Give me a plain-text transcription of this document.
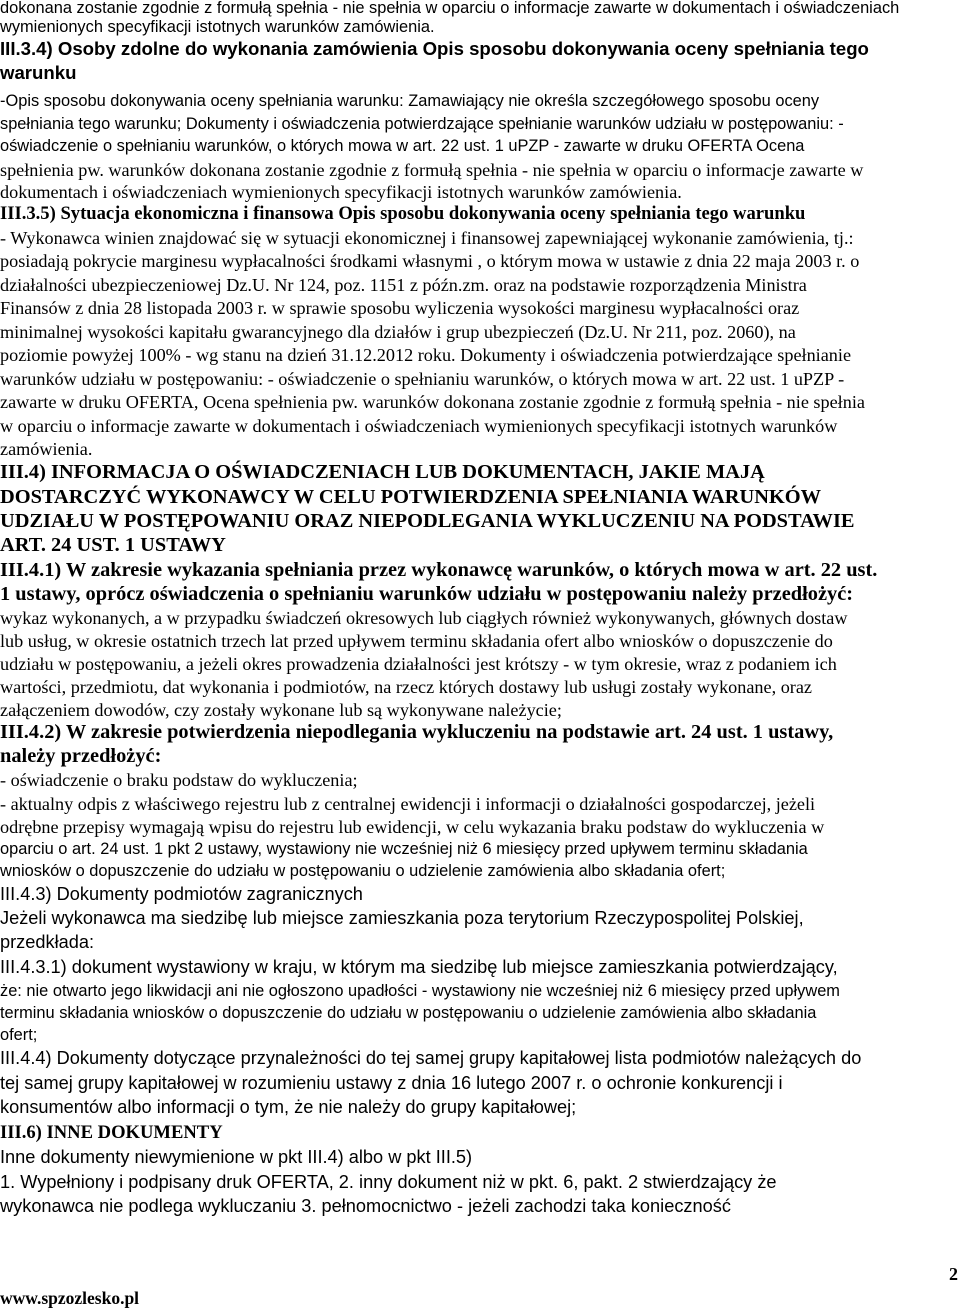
dokonana zostanie zgodnie z formułą spełnia - nie spełnia w oparciu o informacje zawarte w dokumentach i oświadczeniach

wymienionych specyfikacji istotnych warunków zamówienia.

III.3.4) Osoby zdolne do wykonania zamówienia Opis sposobu dokonywania oceny spełniania tego

warunku

-Opis sposobu dokonywania oceny spełniania warunku: Zamawiający nie określa szczegółowego sposobu oceny

spełniania tego warunku; Dokumenty i oświadczenia potwierdzające spełnianie warunków udziału w postępowaniu: -

oświadczenie o spełnianiu warunków, o których mowa w art. 22 ust. 1 uPZP - zawarte w druku OFERTA Ocena

spełnienia pw. warunków dokonana zostanie zgodnie z formułą spełnia - nie spełnia w oparciu o informacje zawarte w

dokumentach i oświadczeniach wymienionych specyfikacji istotnych warunków zamówienia.

III.3.5) Sytuacja ekonomiczna i finansowa Opis sposobu dokonywania oceny spełniania tego warunku

- Wykonawca winien znajdować się w sytuacji ekonomicznej i finansowej zapewniającej wykonanie zamówienia, tj.:

posiadają pokrycie marginesu wypłacalności środkami własnymi , o którym mowa w ustawie z dnia 22 maja 2003 r. o

działalności ubezpieczeniowej Dz.U. Nr 124, poz. 1151 z późn.zm. oraz na podstawie rozporządzenia Ministra

Finansów z dnia 28 listopada 2003 r. w sprawie sposobu wyliczenia wysokości marginesu wypłacalności oraz

minimalnej wysokości kapitału gwarancyjnego dla działów i grup ubezpieczeń (Dz.U. Nr 211, poz. 2060), na

poziomie powyżej 100% - wg stanu na dzień 31.12.2012 roku. Dokumenty i oświadczenia potwierdzające spełnianie

warunków udziału w postępowaniu: - oświadczenie o spełnianiu warunków, o których mowa w art. 22 ust. 1 uPZP -

zawarte w druku OFERTA, Ocena spełnienia pw. warunków dokonana zostanie zgodnie z formułą spełnia - nie spełnia

w oparciu o informacje zawarte w dokumentach i oświadczeniach wymienionych specyfikacji istotnych warunków

zamówienia.

III.4) INFORMACJA O OŚWIADCZENIACH LUB DOKUMENTACH, JAKIE MAJĄ

DOSTARCZYĆ WYKONAWCY W CELU POTWIERDZENIA SPEŁNIANIA WARUNKÓW

UDZIAŁU W POSTĘPOWANIU ORAZ NIEPODLEGANIA WYKLUCZENIU NA PODSTAWIE

ART. 24 UST. 1 USTAWY

III.4.1) W zakresie wykazania spełniania przez wykonawcę warunków, o których mowa w art. 22 ust.

1 ustawy, oprócz oświadczenia o spełnianiu warunków udziału w postępowaniu należy przedłożyć:

wykaz wykonanych, a w przypadku świadczeń okresowych lub ciągłych również wykonywanych, głównych dostaw

lub usług, w okresie ostatnich trzech lat przed upływem terminu składania ofert albo wniosków o dopuszczenie do

udziału w postępowaniu, a jeżeli okres prowadzenia działalności jest krótszy - w tym okresie, wraz z podaniem ich

wartości, przedmiotu, dat wykonania i podmiotów, na rzecz których dostawy lub usługi zostały wykonane, oraz

załączeniem dowodów, czy zostały wykonane lub są wykonywane należycie;

III.4.2) W zakresie potwierdzenia niepodlegania wykluczeniu na podstawie art. 24 ust. 1 ustawy,

należy przedłożyć:

- oświadczenie o braku podstaw do wykluczenia;

- aktualny odpis z właściwego rejestru lub z centralnej ewidencji i informacji o działalności gospodarczej, jeżeli

odrębne przepisy wymagają wpisu do rejestru lub ewidencji, w celu wykazania braku podstaw do wykluczenia w

oparciu o art. 24 ust. 1 pkt 2 ustawy, wystawiony nie wcześniej niż 6 miesięcy przed upływem terminu składania

wniosków o dopuszczenie do udziału w postępowaniu o udzielenie zamówienia albo składania ofert;

III.4.3) Dokumenty podmiotów zagranicznych

Jeżeli wykonawca ma siedzibę lub miejsce zamieszkania poza terytorium Rzeczypospolitej Polskiej,

przedkłada:

III.4.3.1) dokument wystawiony w kraju, w którym ma siedzibę lub miejsce zamieszkania potwierdzający,

że: nie otwarto jego likwidacji ani nie ogłoszono upadłości - wystawiony nie wcześniej niż 6 miesięcy przed upływem

terminu składania wniosków o dopuszczenie do udziału w postępowaniu o udzielenie zamówienia albo składania

ofert;

III.4.4) Dokumenty dotyczące przynależności do tej samej grupy kapitałowej lista podmiotów należących do

tej samej grupy kapitałowej w rozumieniu ustawy z dnia 16 lutego 2007 r. o ochronie konkurencji i

konsumentów albo informacji o tym, że nie należy do grupy kapitałowej;

III.6) INNE DOKUMENTY

Inne dokumenty niewymienione w pkt III.4) albo w pkt III.5)

1. Wypełniony i podpisany druk OFERTA, 2. inny dokument niż w pkt. 6, pakt. 2 stwierdzający że

wykonawca nie podlega wykluczaniu 3. pełnomocnictwo - jeżeli zachodzi taka konieczność

2
www.spzozlesko.pl
